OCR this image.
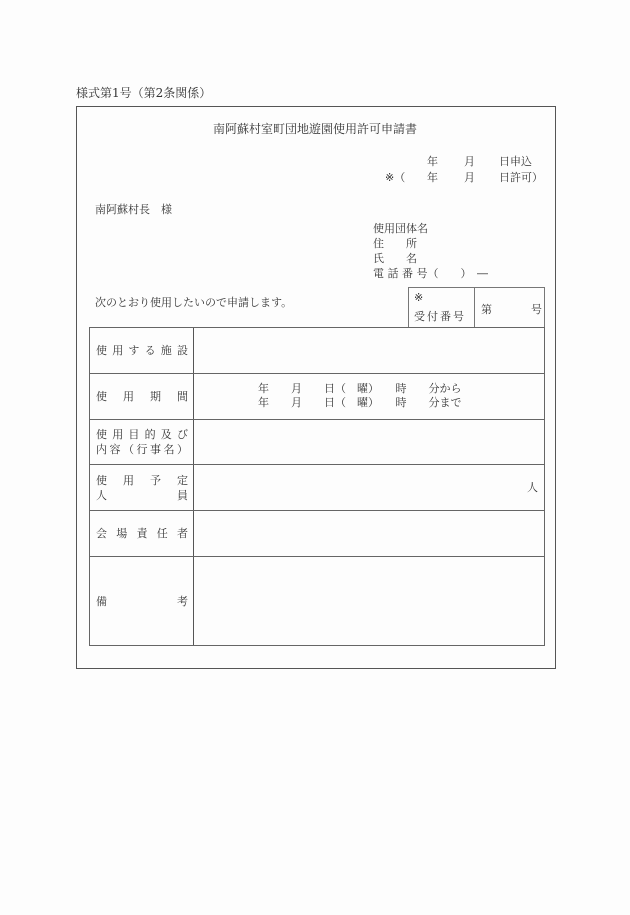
様式第1号（第2条関係）
南阿蘇村室町団地遊園使用許可申請書
年 月 日申込
※（ 年 月 日許可）
南阿蘇村長　様
使用団体名
住　　所
氏　　名
電 話 番 号（　　）　―
次のとおり使用したいので申請します。	※
受付番号
第	号
使用する施設
使用期間
年　　月　　日（　曜）　　時　　分から
年　　月　　日（　曜）　　時　　分まで
使用目的及び
内容（行事名）
使用予定
人員
人
会場責任者
備考
